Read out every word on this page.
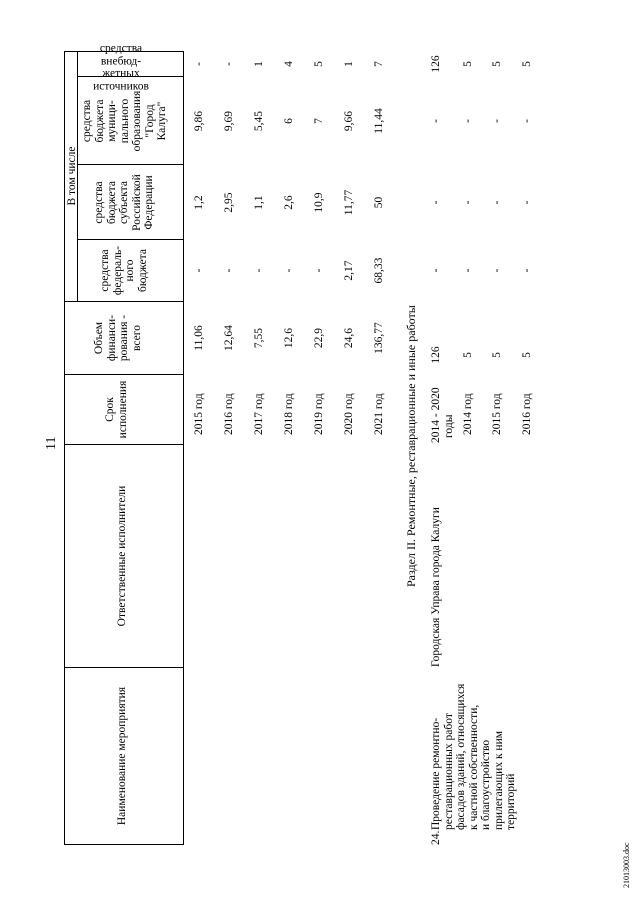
11
Наименование мероприятия
Ответственные исполнители
Срок исполнения
Объем финанси- рования - всего
В том числе
средства федераль- ного бюджета
средства бюджета субъекта Российской Федерации
средства бюджета муници- пального образования "Город Калуга"
средства
внебюд-
жетных
источников
2015 год
11,06
-
1,2
9,86
-
2016 год
12,64
-
2,95
9,69
-
2017 год
7,55
-
1,1
5,45
1
2018 год
12,6
-
2,6
6
4
2019 год
22,9
-
10,9
7
5
2020 год
24,6
2,17
11,77
9,66
1
2021 год
136,77
68,33
50
11,44
7
Раздел II. Ремонтные, реставрационные и иные работы
24.
Проведение ремонтно- реставрационных работ фасадов зданий, относящихся к частной собственности, и благоустройство прилегающих к ним территорий
Городская Управа города Калуги
2014 - 2020 годы
126
-
-
-
126
2014 год
5
-
-
-
5
2015 год
5
-
-
-
5
2016 год
5
-
-
-
5
21013003.doc
